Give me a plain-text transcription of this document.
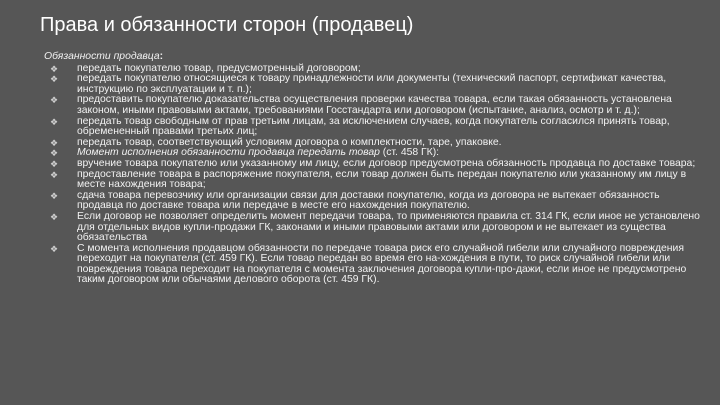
Права и обязанности сторон (продавец)
Обязанности продавца:
❖ передать покупателю товар, предусмотренный договором;
❖ передать покупателю относящиеся к товару принадлежности или документы (технический паспорт, сертификат качества, инструкцию по эксплуатации и т. п.);
❖ предоставить покупателю доказательства осуществления проверки качества товара, если такая обязанность установлена законом, иными правовыми актами, требованиями Госстандарта или договором (испытание, анализ, осмотр и т. д.);
❖ передать товар свободным от прав третьим лицам, за исключением случаев, когда покупатель согласился принять товар, обремененный правами третьих лиц;
❖ передать товар, соответствующий условиям договора о комплектности, таре, упаковке.
❖ Момент исполнения обязанности продавца передать товар (ст. 458 ГК):
❖ вручение товара покупателю или указанному им лицу, если договор предусмотрена обязанность продавца по доставке товара;
❖ предоставление товара в распоряжение покупателя, если товар должен быть передан покупателю или указанному им лицу в месте нахождения товара;
❖ сдача товара перевозчику или организации связи для доставки покупателю, когда из договора не вытекает обязанность продавца по доставке товара или передаче в месте его нахождения покупателю.
❖ Если договор не позволяет определить момент передачи товара, то применяются правила ст. 314 ГК, если иное не установлено для отдельных видов купли-продажи ГК, законами и иными правовыми актами или договором и не вытекает из существа обязательства
❖ С момента исполнения продавцом обязанности по передаче товара риск его случайной гибели или случайного повреждения переходит на покупателя (ст. 459 ГК). Если товар передан во время его на-хождения в пути, то риск случайной гибели или повреждения товара переходит на покупателя с момента заключения договора купли-про-дажи, если иное не предусмотрено таким договором или обычаями делового оборота (ст. 459 ГК).
